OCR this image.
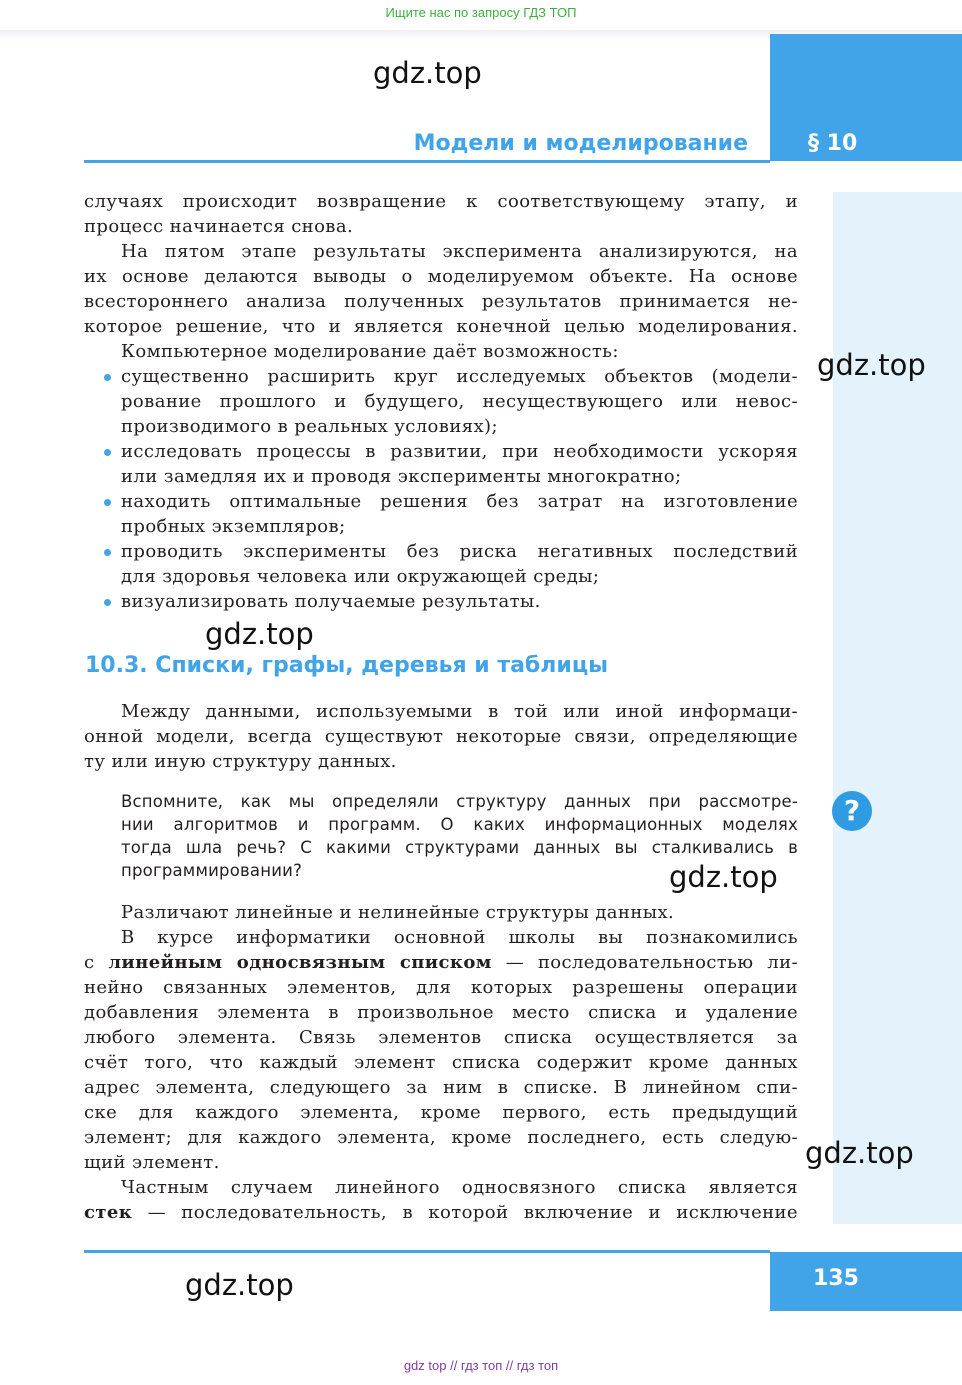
Ищите нас по запросу ГДЗ ТОП
§ 10
Модели и моделирование
?
случаях происходит возвращение к соответствующему этапу, и
процесс начинается снова.
На пятом этапе результаты эксперимента анализируются, на
их основе делаются выводы о моделируемом объекте. На основе
всестороннего анализа полученных результатов принимается не-
которое решение, что и является конечной целью моделирования.
Компьютерное моделирование даёт возможность:
существенно расширить круг исследуемых объектов (модели-
рование прошлого и будущего, несуществующего или невос-
производимого в реальных условиях);
исследовать процессы в развитии, при необходимости ускоряя
или замедляя их и проводя эксперименты многократно;
находить оптимальные решения без затрат на изготовление
пробных экземпляров;
проводить эксперименты без риска негативных последствий
для здоровья человека или окружающей среды;
визуализировать получаемые результаты.
10.3. Списки, графы, деревья и таблицы
Между данными, используемыми в той или иной информаци-
онной модели, всегда существуют некоторые связи, определяющие
ту или иную структуру данных.
Вспомните, как мы определяли структуру данных при рассмотре-
нии алгоритмов и программ. О каких информационных моделях
тогда шла речь? С какими структурами данных вы сталкивались в
программировании?
Различают линейные и нелинейные структуры данных.
В курсе информатики основной школы вы познакомились
с линейным односвязным списком — последовательностью ли-
нейно связанных элементов, для которых разрешены операции
добавления элемента в произвольное место списка и удаление
любого элемента. Связь элементов списка осуществляется за
счёт того, что каждый элемент списка содержит кроме данных
адрес элемента, следующего за ним в списке. В линейном спи-
ске для каждого элемента, кроме первого, есть предыдущий
элемент; для каждого элемента, кроме последнего, есть следую-
щий элемент.
Частным случаем линейного односвязного списка является
стек — последовательность, в которой включение и исключение
135
gdz.top
gdz.top
gdz.top
gdz.top
gdz.top
gdz.top
gdz top // гдз топ // гдз топ
